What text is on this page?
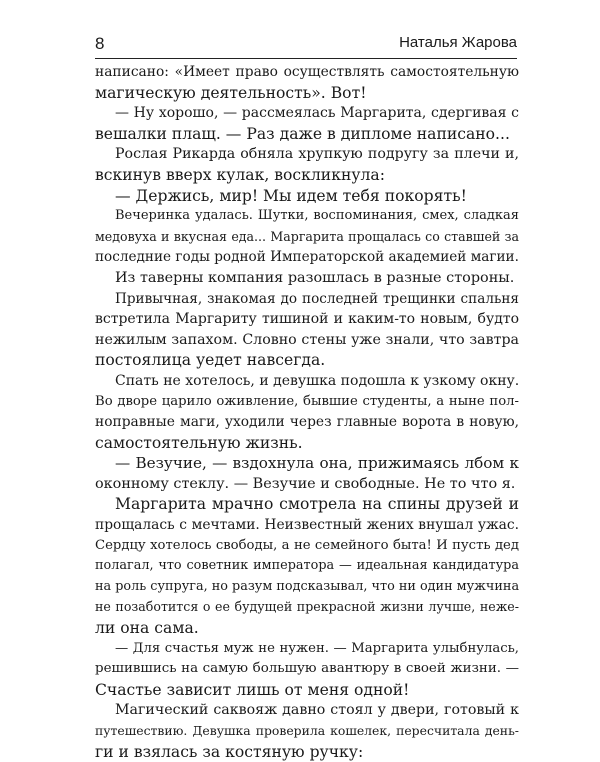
8	Наталья Жарова
написано: «Имеет право осуществлять самостоятельную
магическую деятельность». Вот!
— Ну хорошо, — рассмеялась Маргарита, сдергивая с
вешалки плащ. — Раз даже в дипломе написано...
Рослая Рикарда обняла хрупкую подругу за плечи и,
вскинув вверх кулак, воскликнула:
— Держись, мир! Мы идем тебя покорять!
Вечеринка удалась. Шутки, воспоминания, смех, сладкая
медовуха и вкусная еда... Маргарита прощалась со ставшей за
последние годы родной Императорской академией магии.
Из таверны компания разошлась в разные стороны.
Привычная, знакомая до последней трещинки спальня
встретила Маргариту тишиной и каким-то новым, будто
нежилым запахом. Словно стены уже знали, что завтра
постоялица уедет навсегда.
Спать не хотелось, и девушка подошла к узкому окну.
Во дворе царило оживление, бывшие студенты, а ныне пол-
ноправные маги, уходили через главные ворота в новую,
самостоятельную жизнь.
— Везучие, — вздохнула она, прижимаясь лбом к
оконному стеклу. — Везучие и свободные. Не то что я.
Маргарита мрачно смотрела на спины друзей и
прощалась с мечтами. Неизвестный жених внушал ужас.
Сердцу хотелось свободы, а не семейного быта! И пусть дед
полагал, что советник императора — идеальная кандидатура
на роль супруга, но разум подсказывал, что ни один мужчина
не позаботится о ее будущей прекрасной жизни лучше, нежe-
ли она сама.
— Для счастья муж не нужен. — Маргарита улыбнулась,
решившись на самую большую авантюру в своей жизни. —
Счастье зависит лишь от меня одной!
Магический саквояж давно стоял у двери, готовый к
путешествию. Девушка проверила кошелек, пересчитала день-
ги и взялась за костяную ручку:
